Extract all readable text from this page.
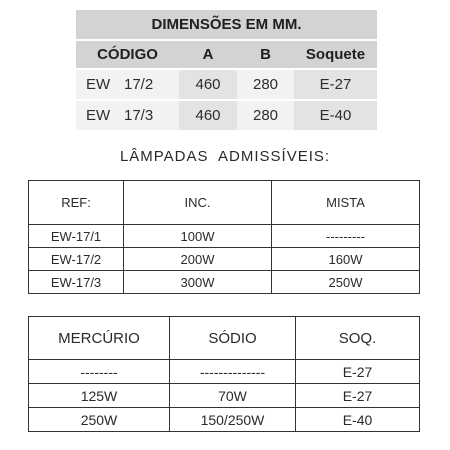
DIMENSÕES EM MM.			
CÓDIGO	A	B	Soquete
EW 17/2	460	280	E-27
EW 17/3	460	280	E-40
LÂMPADAS  ADMISSÍVEIS:
REF:	INC.	MISTA
EW-17/1	100W	---------
EW-17/2	200W	160W
EW-17/3	300W	250W
MERCÚRIO	SÓDIO	SOQ.
--------	--------------	E-27
125W	70W	E-27
250W	150/250W	E-40
